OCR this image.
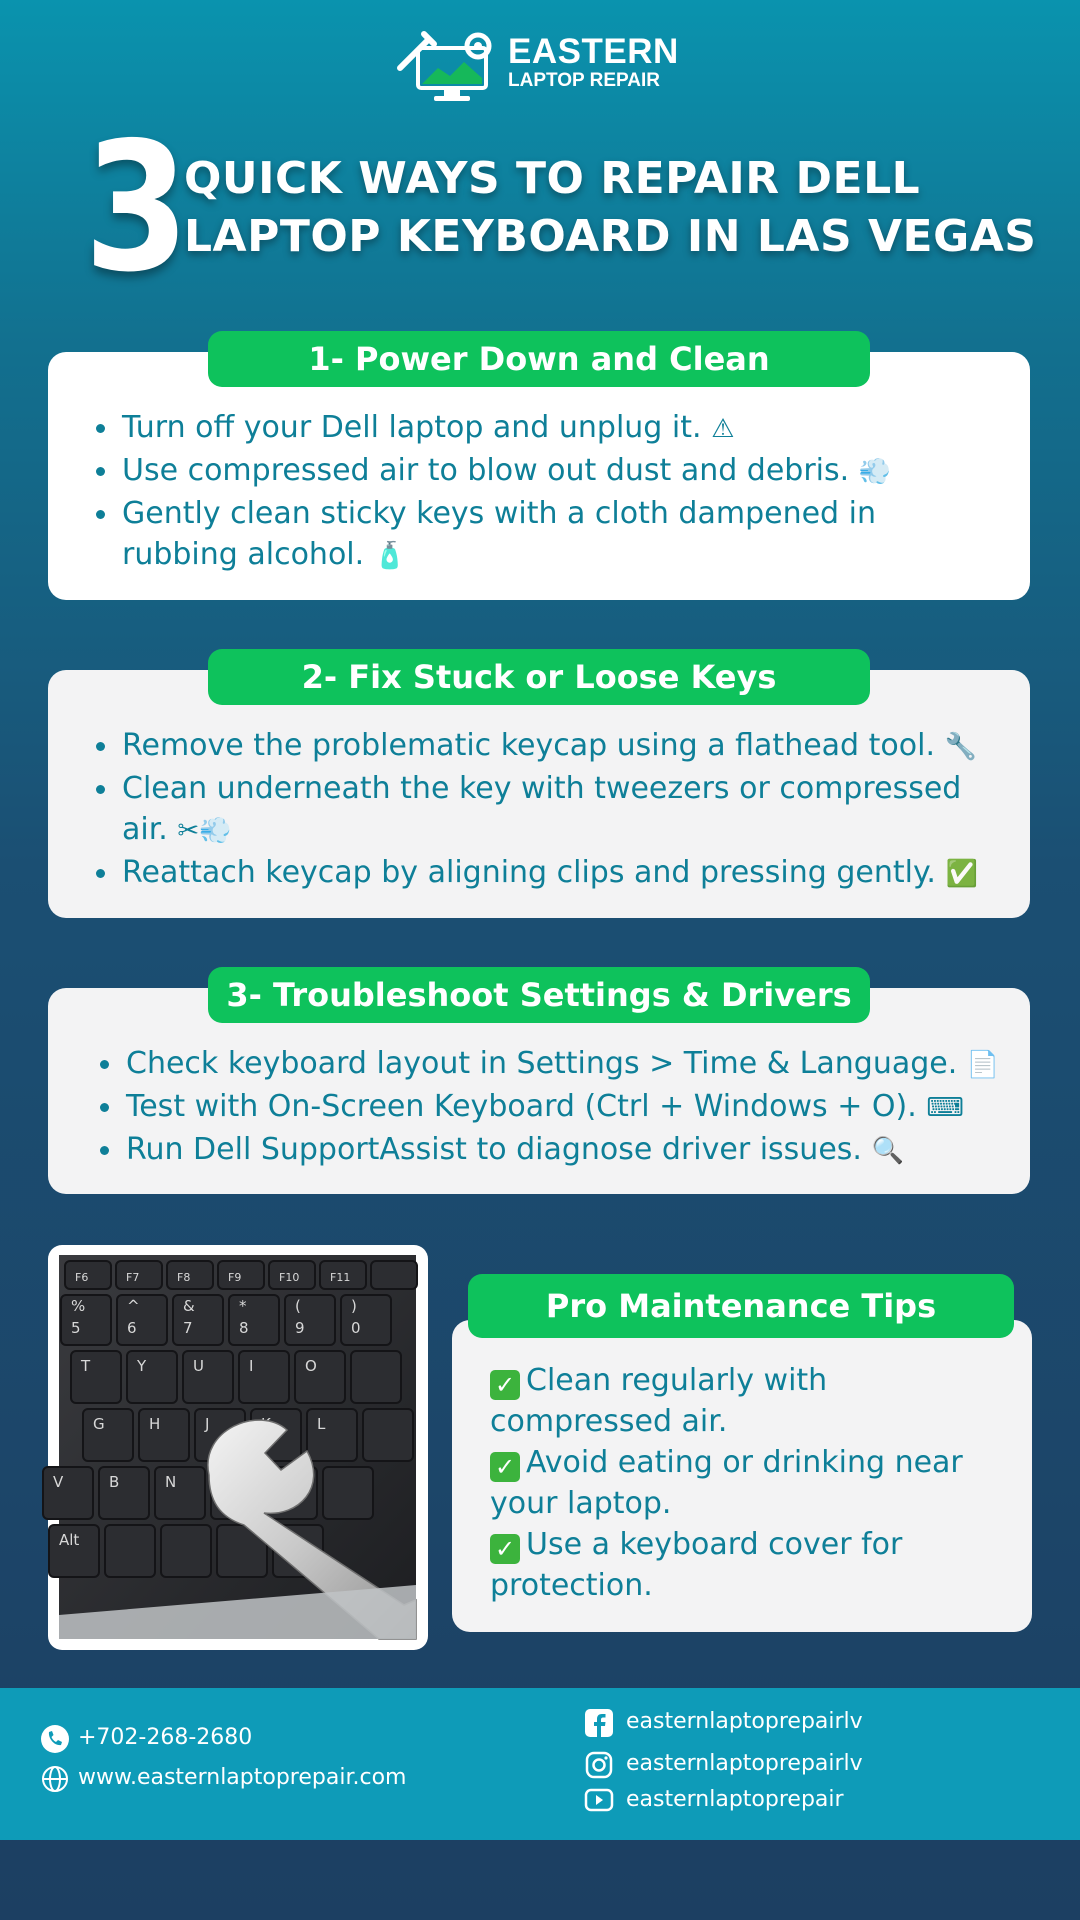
EASTERN
LAPTOP REPAIR
3 QUICK WAYS TO REPAIR DELL
LAPTOP KEYBOARD IN LAS VEGAS
1- Power Down and Clean
Turn off your Dell laptop and unplug it. ⚠
Use compressed air to blow out dust and debris. 💨
Gently clean sticky keys with a cloth dampened in rubbing alcohol. 🧴
2- Fix Stuck or Loose Keys
Remove the problematic keycap using a flathead tool. 🔧
Clean underneath the key with tweezers or compressed air. ✂💨
Reattach keycap by aligning clips and pressing gently. ✅
3- Troubleshoot Settings & Drivers
Check keyboard layout in Settings > Time & Language. 📄
Test with On-Screen Keyboard (Ctrl + Windows + O). ⌨
Run Dell SupportAssist to diagnose driver issues. 🔍
F6	F7	F8	F9	F10	F11
%	^	&	*	(	)
5	6	7	8	9	0
T	Y	U	I	O
G	H	J	L
V	B	N
Alt
Pro Maintenance Tips
✓ Clean regularly with compressed air.
✓ Avoid eating or drinking near your laptop.
✓ Use a keyboard cover for protection.
+702-268-2680
www.easternlaptoprepair.com
easternlaptoprepairlv
easternlaptoprepairlv
easternlaptoprepair
